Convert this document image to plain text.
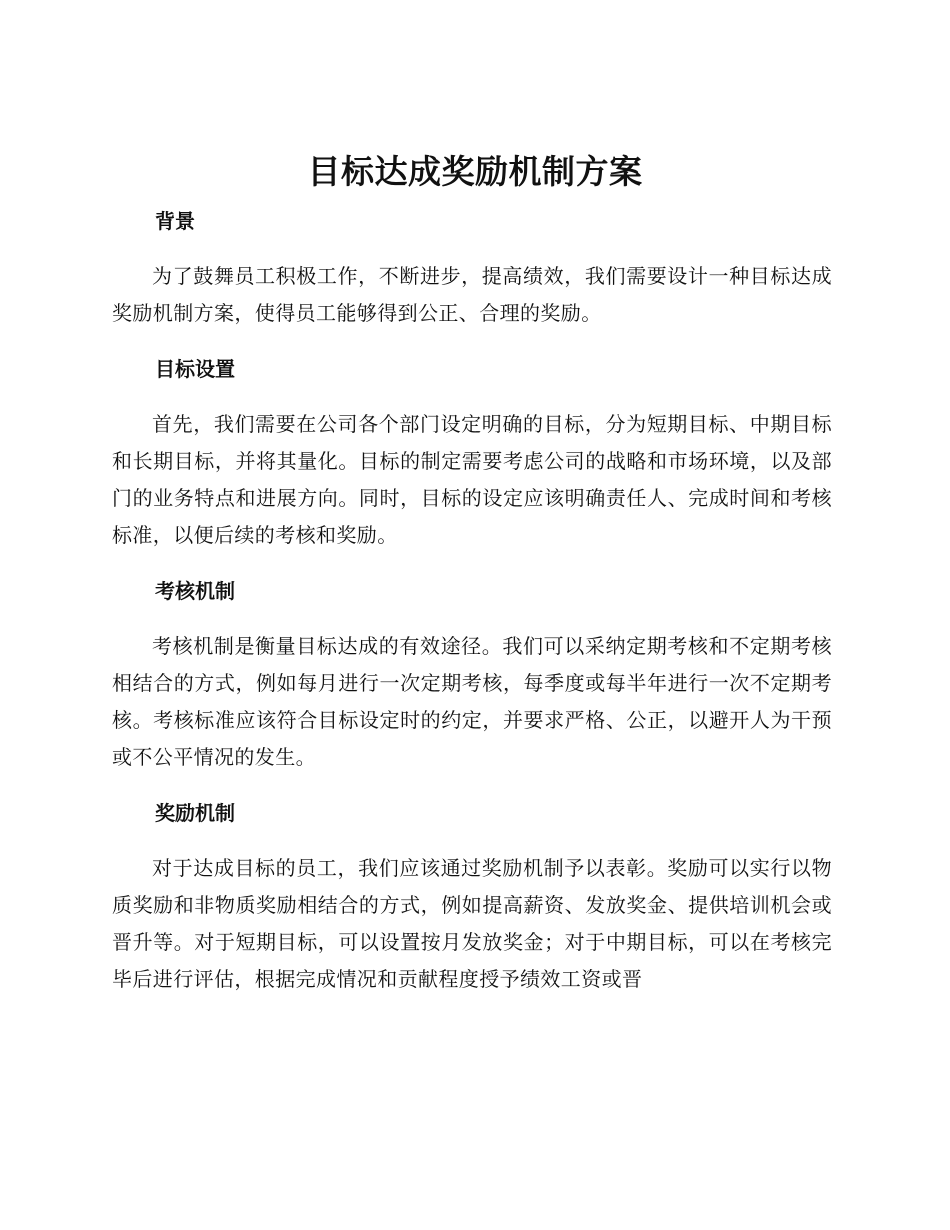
目标达成奖励机制方案
背景

为了鼓舞员工积极工作，不断进步，提高绩效，我们需要设计一种目标达成奖励机制方案，使得员工能够得到公正、合理的奖励。

目标设置

首先，我们需要在公司各个部门设定明确的目标，分为短期目标、中期目标和长期目标，并将其量化。目标的制定需要考虑公司的战略和市场环境，以及部门的业务特点和进展方向。同时，目标的设定应该明确责任人、完成时间和考核标准，以便后续的考核和奖励。

考核机制

考核机制是衡量目标达成的有效途径。我们可以采纳定期考核和不定期考核相结合的方式，例如每月进行一次定期考核，每季度或每半年进行一次不定期考核。考核标准应该符合目标设定时的约定，并要求严格、公正，以避开人为干预或不公平情况的发生。

奖励机制

对于达成目标的员工，我们应该通过奖励机制予以表彰。奖励可以实行以物质奖励和非物质奖励相结合的方式，例如提高薪资、发放奖金、提供培训机会或晋升等。对于短期目标，可以设置按月发放奖金；对于中期目标，可以在考核完毕后进行评估，根据完成情况和贡献程度授予绩效工资或晋
